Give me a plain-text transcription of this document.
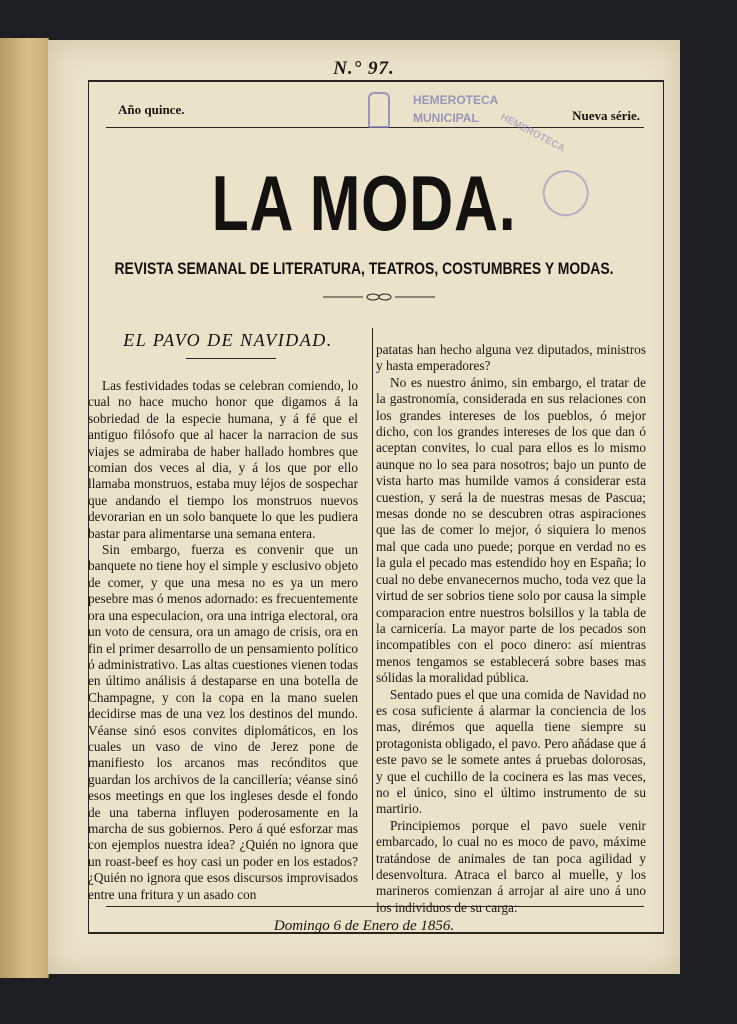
N.° 97.
Año quince.	Nueva série.
HEMEROTECA
MUNICIPAL	HEMEROTECA
LA MODA.
REVISTA SEMANAL DE LITERATURA, TEATROS, COSTUMBRES Y MODAS.
EL PAVO DE NAVIDAD.

Las festividades todas se celebran comiendo, lo cual no hace mucho honor que digamos á la sobriedad de la especie humana, y á fé que el antiguo filósofo que al hacer la narracion de sus viajes se admiraba de haber hallado hombres que comian dos veces al dia, y á los que por ello llamaba monstruos, estaba muy léjos de sospechar que andando el tiempo los monstruos nuevos devorarian en un solo banquete lo que les pudiera bastar para alimentarse una semana entera.

Sin embargo, fuerza es convenir que un banquete no tiene hoy el simple y esclusivo objeto de comer, y que una mesa no es ya un mero pesebre mas ó menos adornado: es frecuentemente ora una especulacion, ora una intriga electoral, ora un voto de censura, ora un amago de crisis, ora en fin el primer desarrollo de un pensamiento político ó administrativo. Las altas cuestiones vienen todas en último análisis á destaparse en una botella de Champagne, y con la copa en la mano suelen decidirse mas de una vez los destinos del mundo. Véanse sinó esos convites diplomáticos, en los cuales un vaso de vino de Jerez pone de manifiesto los arcanos mas recónditos que guardan los archivos de la cancillería; véanse sinó esos meetings en que los ingleses desde el fondo de una taberna influyen poderosamente en la marcha de sus gobiernos. Pero á qué esforzar mas con ejemplos nuestra idea? ¿Quién no ignora que un roast-beef es hoy casi un poder en los estados? ¿Quién no ignora que esos discursos improvisados entre una fritura y un asado con

patatas han hecho alguna vez diputados, ministros y hasta emperadores?

No es nuestro ánimo, sin embargo, el tratar de la gastronomía, considerada en sus relaciones con los grandes intereses de los pueblos, ó mejor dicho, con los grandes intereses de los que dan ó aceptan convites, lo cual para ellos es lo mismo aunque no lo sea para nosotros; bajo un punto de vista harto mas humilde vamos á considerar esta cuestion, y será la de nuestras mesas de Pascua; mesas donde no se descubren otras aspiraciones que las de comer lo mejor, ó siquiera lo menos mal que cada uno puede; porque en verdad no es la gula el pecado mas estendido hoy en España; lo cual no debe envanecernos mucho, toda vez que la virtud de ser sobrios tiene solo por causa la simple comparacion entre nuestros bolsillos y la tabla de la carnicería. La mayor parte de los pecados son incompatibles con el poco dinero: así mientras menos tengamos se establecerá sobre bases mas sólidas la moralidad pública.

Sentado pues el que una comida de Navidad no es cosa suficiente á alarmar la conciencia de los mas, dirémos que aquella tiene siempre su protagonista obligado, el pavo. Pero añádase que á este pavo se le somete antes á pruebas dolorosas, y que el cuchillo de la cocinera es las mas veces, no el único, sino el último instrumento de su martirio.

Principiemos porque el pavo suele venir embarcado, lo cual no es moco de pavo, máxime tratándose de animales de tan poca agilidad y desenvoltura. Atraca el barco al muelle, y los marineros comienzan á arrojar al aire uno á uno los individuos de su carga:

Domingo 6 de Enero de 1856.
